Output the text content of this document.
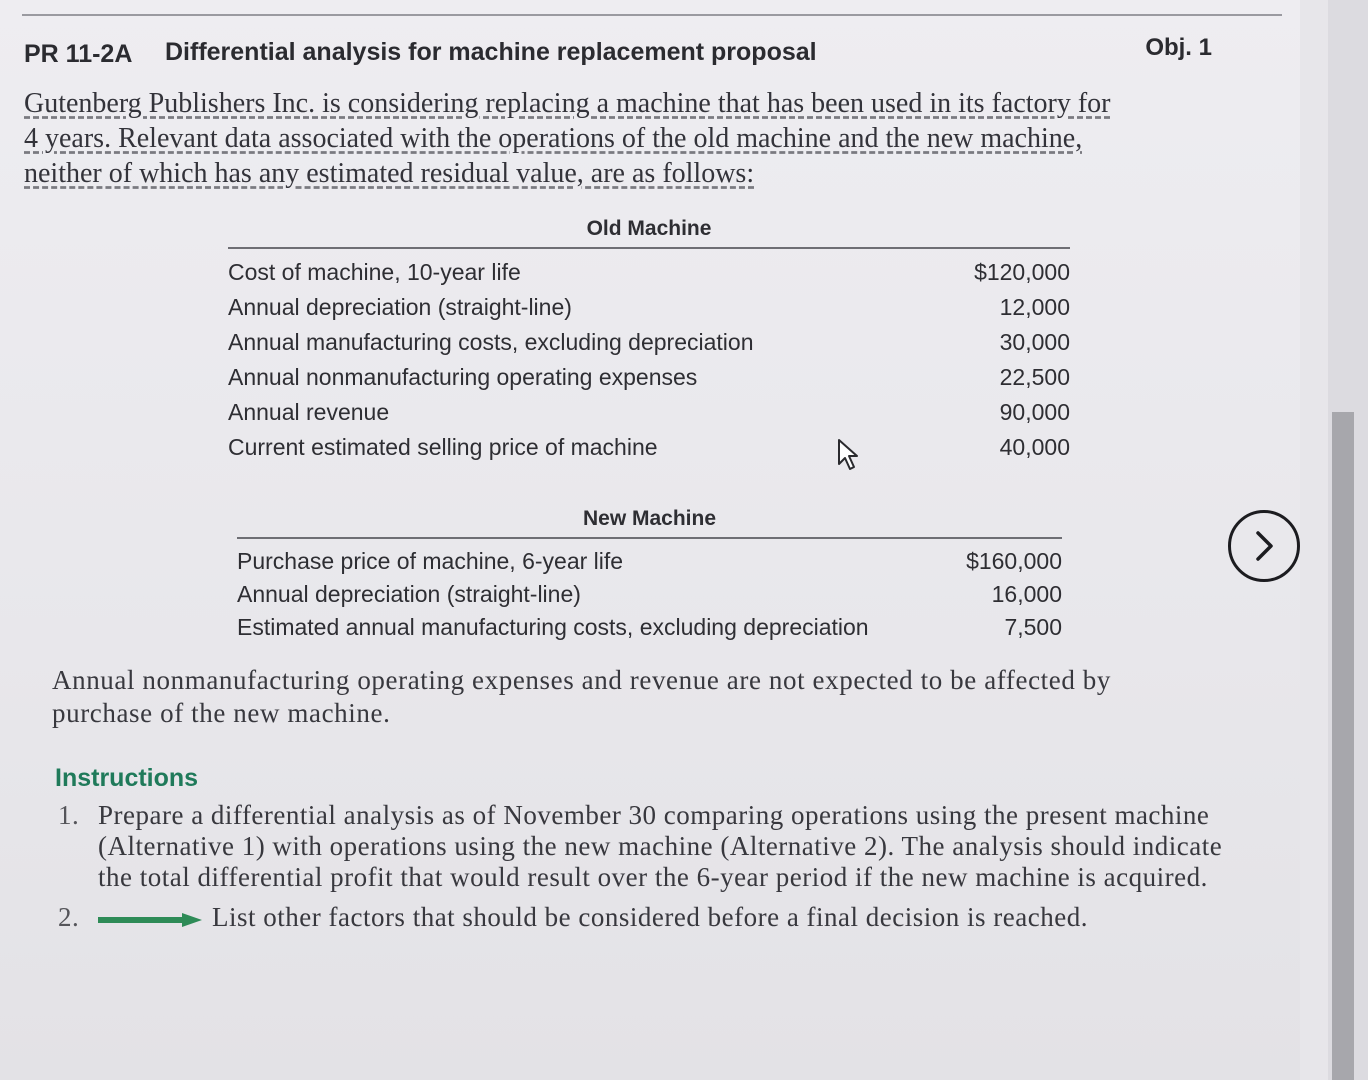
PR 11-2A Differential analysis for machine replacement proposal	Obj. 1
Gutenberg Publishers Inc. is considering replacing a machine that has been used in its factory for
4 years. Relevant data associated with the operations of the old machine and the new machine,
neither of which has any estimated residual value, are as follows:
Old Machine
Cost of machine, 10-year life	$120,000
Annual depreciation (straight-line)	12,000
Annual manufacturing costs, excluding depreciation	30,000
Annual nonmanufacturing operating expenses	22,500
Annual revenue	90,000
Current estimated selling price of machine	40,000
New Machine
Purchase price of machine, 6-year life	$160,000
Annual depreciation (straight-line)	16,000
Estimated annual manufacturing costs, excluding depreciation	7,500
Annual nonmanufacturing operating expenses and revenue are not expected to be affected by
purchase of the new machine.
Instructions
1. Prepare a differential analysis as of November 30 comparing operations using the present machine (Alternative 1) with operations using the new machine (Alternative 2). The analysis should indicate the total differential profit that would result over the 6-year period if the new machine is acquired.
2.	List other factors that should be considered before a final decision is reached.
